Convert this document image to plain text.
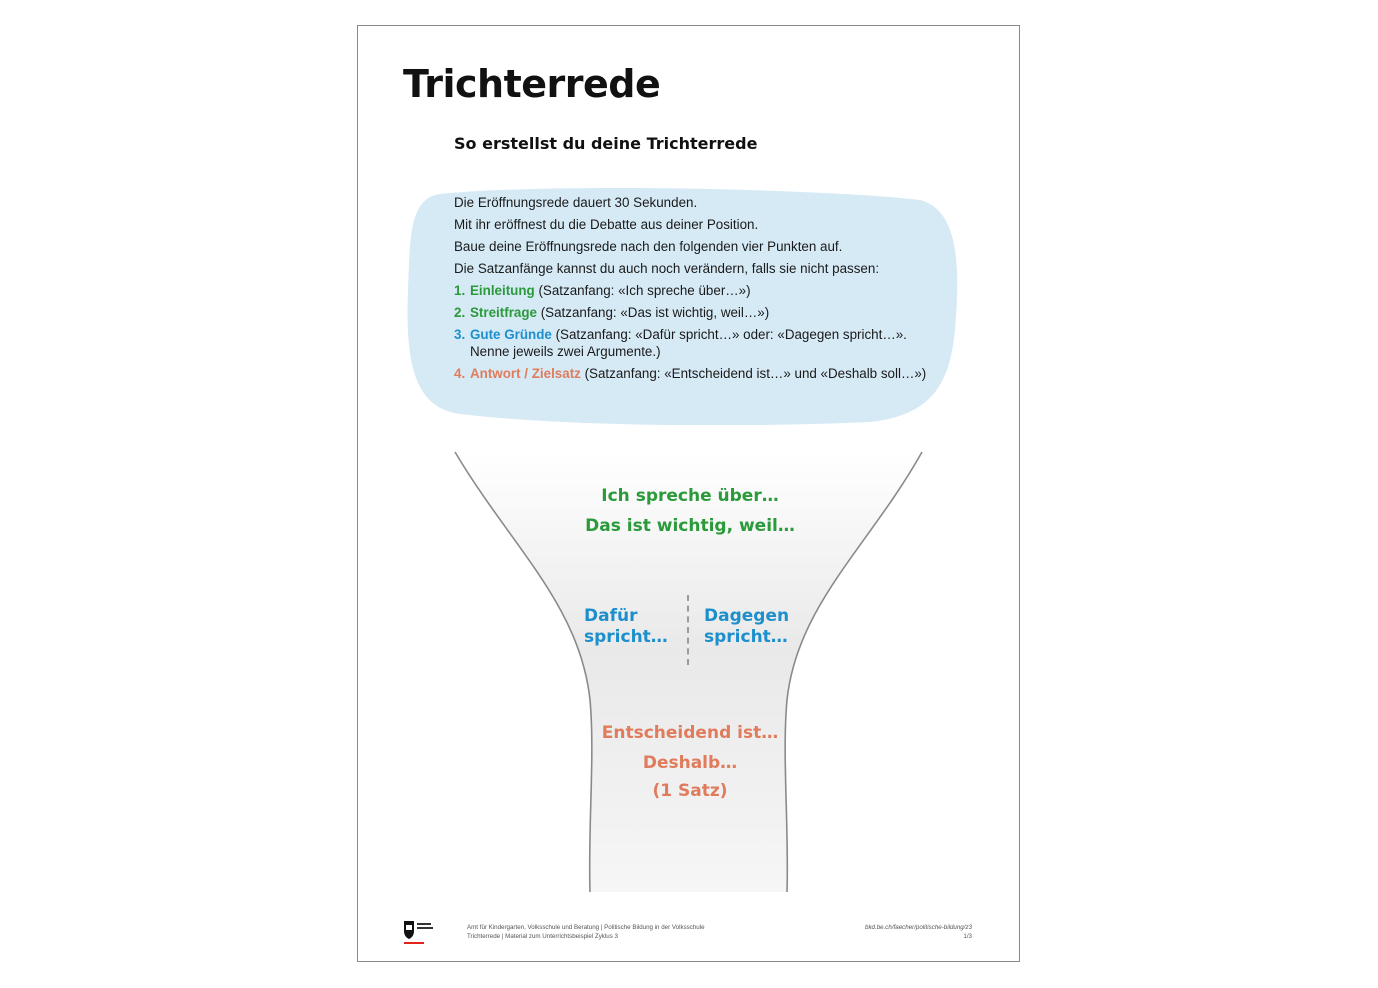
Trichterrede
So erstellst du deine Trichterrede

Die Eröffnungsrede dauert 30 Sekunden.

Mit ihr eröffnest du die Debatte aus deiner Position.

Baue deine Eröffnungsrede nach den folgenden vier Punkten auf.

Die Satzanfänge kannst du auch noch verändern, falls sie nicht passen:

1. Einleitung (Satzanfang: «Ich spreche über…»)
2. Streitfrage (Satzanfang: «Das ist wichtig, weil…»)
3. Gute Gründe (Satzanfang: «Dafür spricht…» oder: «Dagegen spricht…». Nenne jeweils zwei Argumente.)
4. Antwort / Zielsatz (Satzanfang: «Entscheidend ist…» und «Deshalb soll…»)
Ich spreche über…
Das ist wichtig, weil…
Dafür spricht…
Dagegen spricht…
Entscheidend ist…
Deshalb…
(1 Satz)
Amt für Kindergarten, Volksschule und Beratung | Politische Bildung in der Volksschule
Trichterrede | Material zum Unterrichtsbeispiel Zyklus 3
bkd.be.ch/faecher/politische-bildung/z3
1/3
